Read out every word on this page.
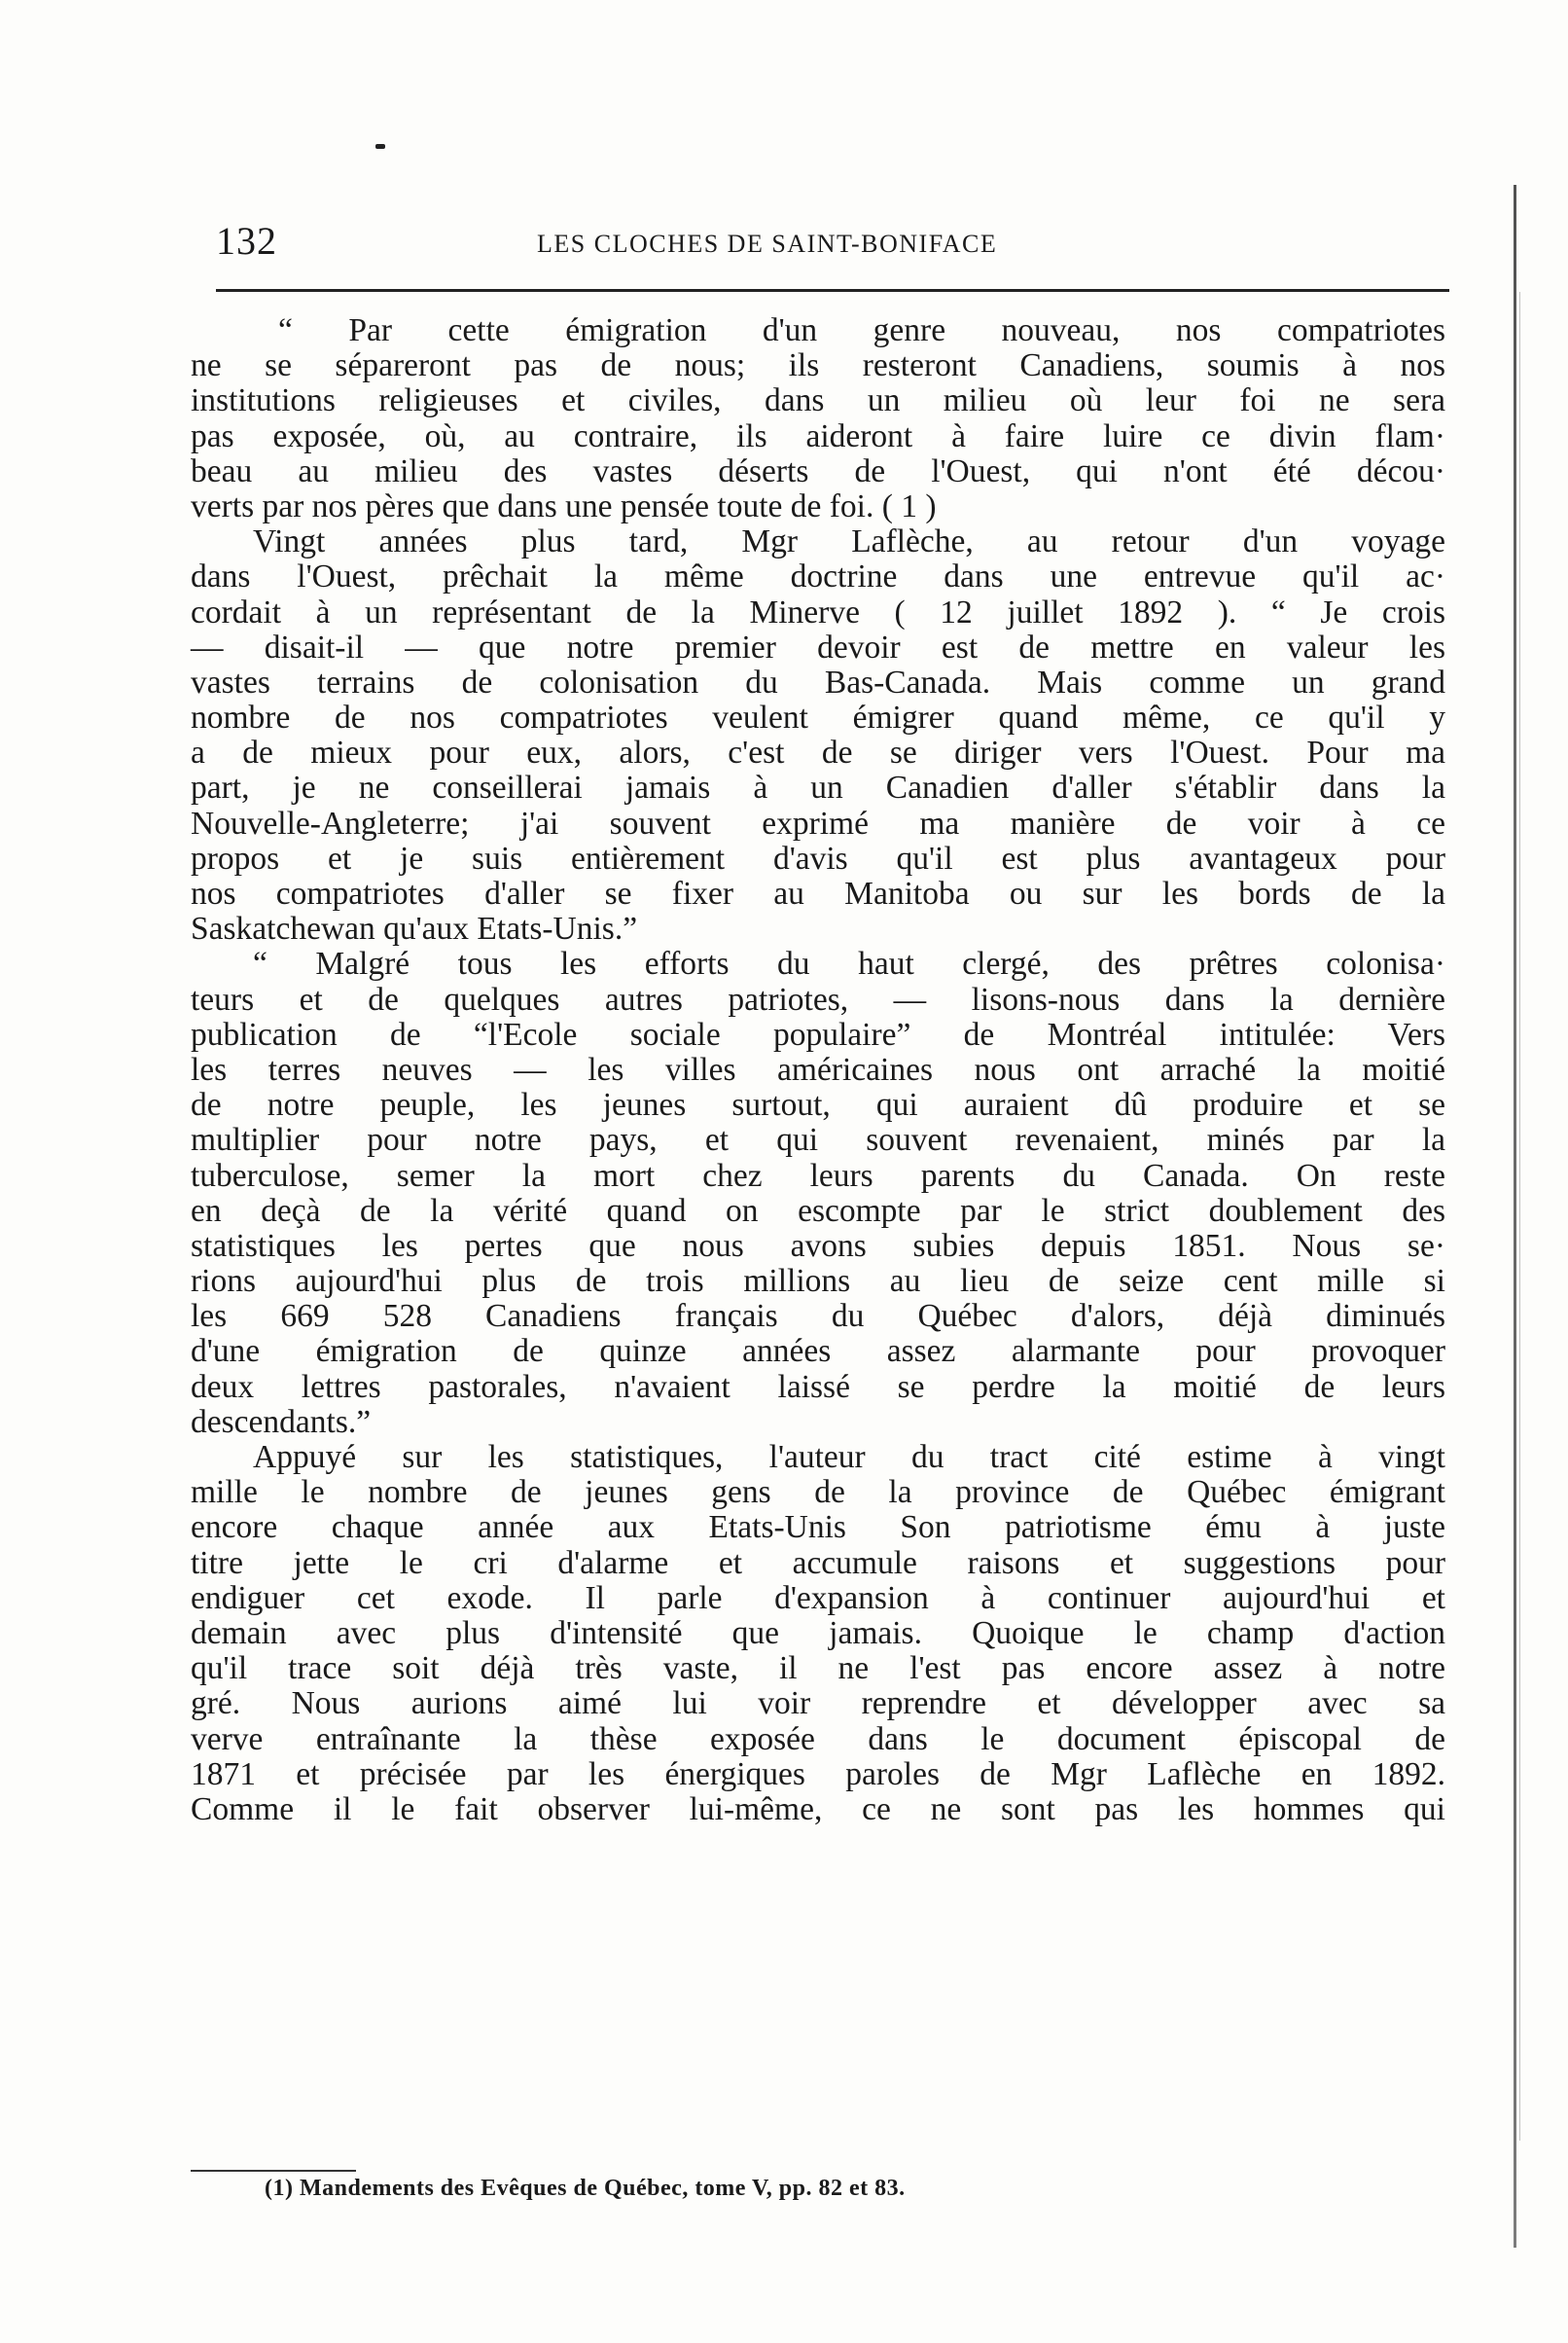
132	LES CLOCHES DE SAINT-BONIFACE
“ Par cette émigration d'un genre nouveau, nos compatriotes
ne se sépareront pas de nous; ils resteront Canadiens, soumis à nos
institutions religieuses et civiles, dans un milieu où leur foi ne sera
pas exposée, où, au contraire, ils aideront à faire luire ce divin flam·
beau au milieu des vastes déserts de l'Ouest, qui n'ont été décou·
verts par nos pères que dans une pensée toute de foi. ( 1 )
Vingt années plus tard, Mgr Laflèche, au retour d'un voyage
dans l'Ouest, prêchait la même doctrine dans une entrevue qu'il ac·
cordait à un représentant de la Minerve ( 12 juillet 1892 ). “ Je crois
— disait-il — que notre premier devoir est de mettre en valeur les
vastes terrains de colonisation du Bas-Canada. Mais comme un grand
nombre de nos compatriotes veulent émigrer quand même, ce qu'il y
a de mieux pour eux, alors, c'est de se diriger vers l'Ouest. Pour ma
part, je ne conseillerai jamais à un Canadien d'aller s'établir dans la
Nouvelle-Angleterre; j'ai souvent exprimé ma manière de voir à ce
propos et je suis entièrement d'avis qu'il est plus avantageux pour
nos compatriotes d'aller se fixer au Manitoba ou sur les bords de la
Saskatchewan qu'aux Etats-Unis.”
“ Malgré tous les efforts du haut clergé, des prêtres colonisa·
teurs et de quelques autres patriotes, — lisons-nous dans la dernière
publication de “l'Ecole sociale populaire” de Montréal intitulée: Vers
les terres neuves — les villes américaines nous ont arraché la moitié
de notre peuple, les jeunes surtout, qui auraient dû produire et se
multiplier pour notre pays, et qui souvent revenaient, minés par la
tuberculose, semer la mort chez leurs parents du Canada. On reste
en deçà de la vérité quand on escompte par le strict doublement des
statistiques les pertes que nous avons subies depuis 1851. Nous se·
rions aujourd'hui plus de trois millions au lieu de seize cent mille si
les 669 528 Canadiens français du Québec d'alors, déjà diminués
d'une émigration de quinze années assez alarmante pour provoquer
deux lettres pastorales, n'avaient laissé se perdre la moitié de leurs
descendants.”
Appuyé sur les statistiques, l'auteur du tract cité estime à vingt
mille le nombre de jeunes gens de la province de Québec émigrant
encore chaque année aux Etats-Unis Son patriotisme ému à juste
titre jette le cri d'alarme et accumule raisons et suggestions pour
endiguer cet exode. Il parle d'expansion à continuer aujourd'hui et
demain avec plus d'intensité que jamais. Quoique le champ d'action
qu'il trace soit déjà très vaste, il ne l'est pas encore assez à notre
gré. Nous aurions aimé lui voir reprendre et développer avec sa
verve entraînante la thèse exposée dans le document épiscopal de
1871 et précisée par les énergiques paroles de Mgr Laflèche en 1892.
Comme il le fait observer lui-même, ce ne sont pas les hommes qui
(1) Mandements des Evêques de Québec, tome V, pp. 82 et 83.
